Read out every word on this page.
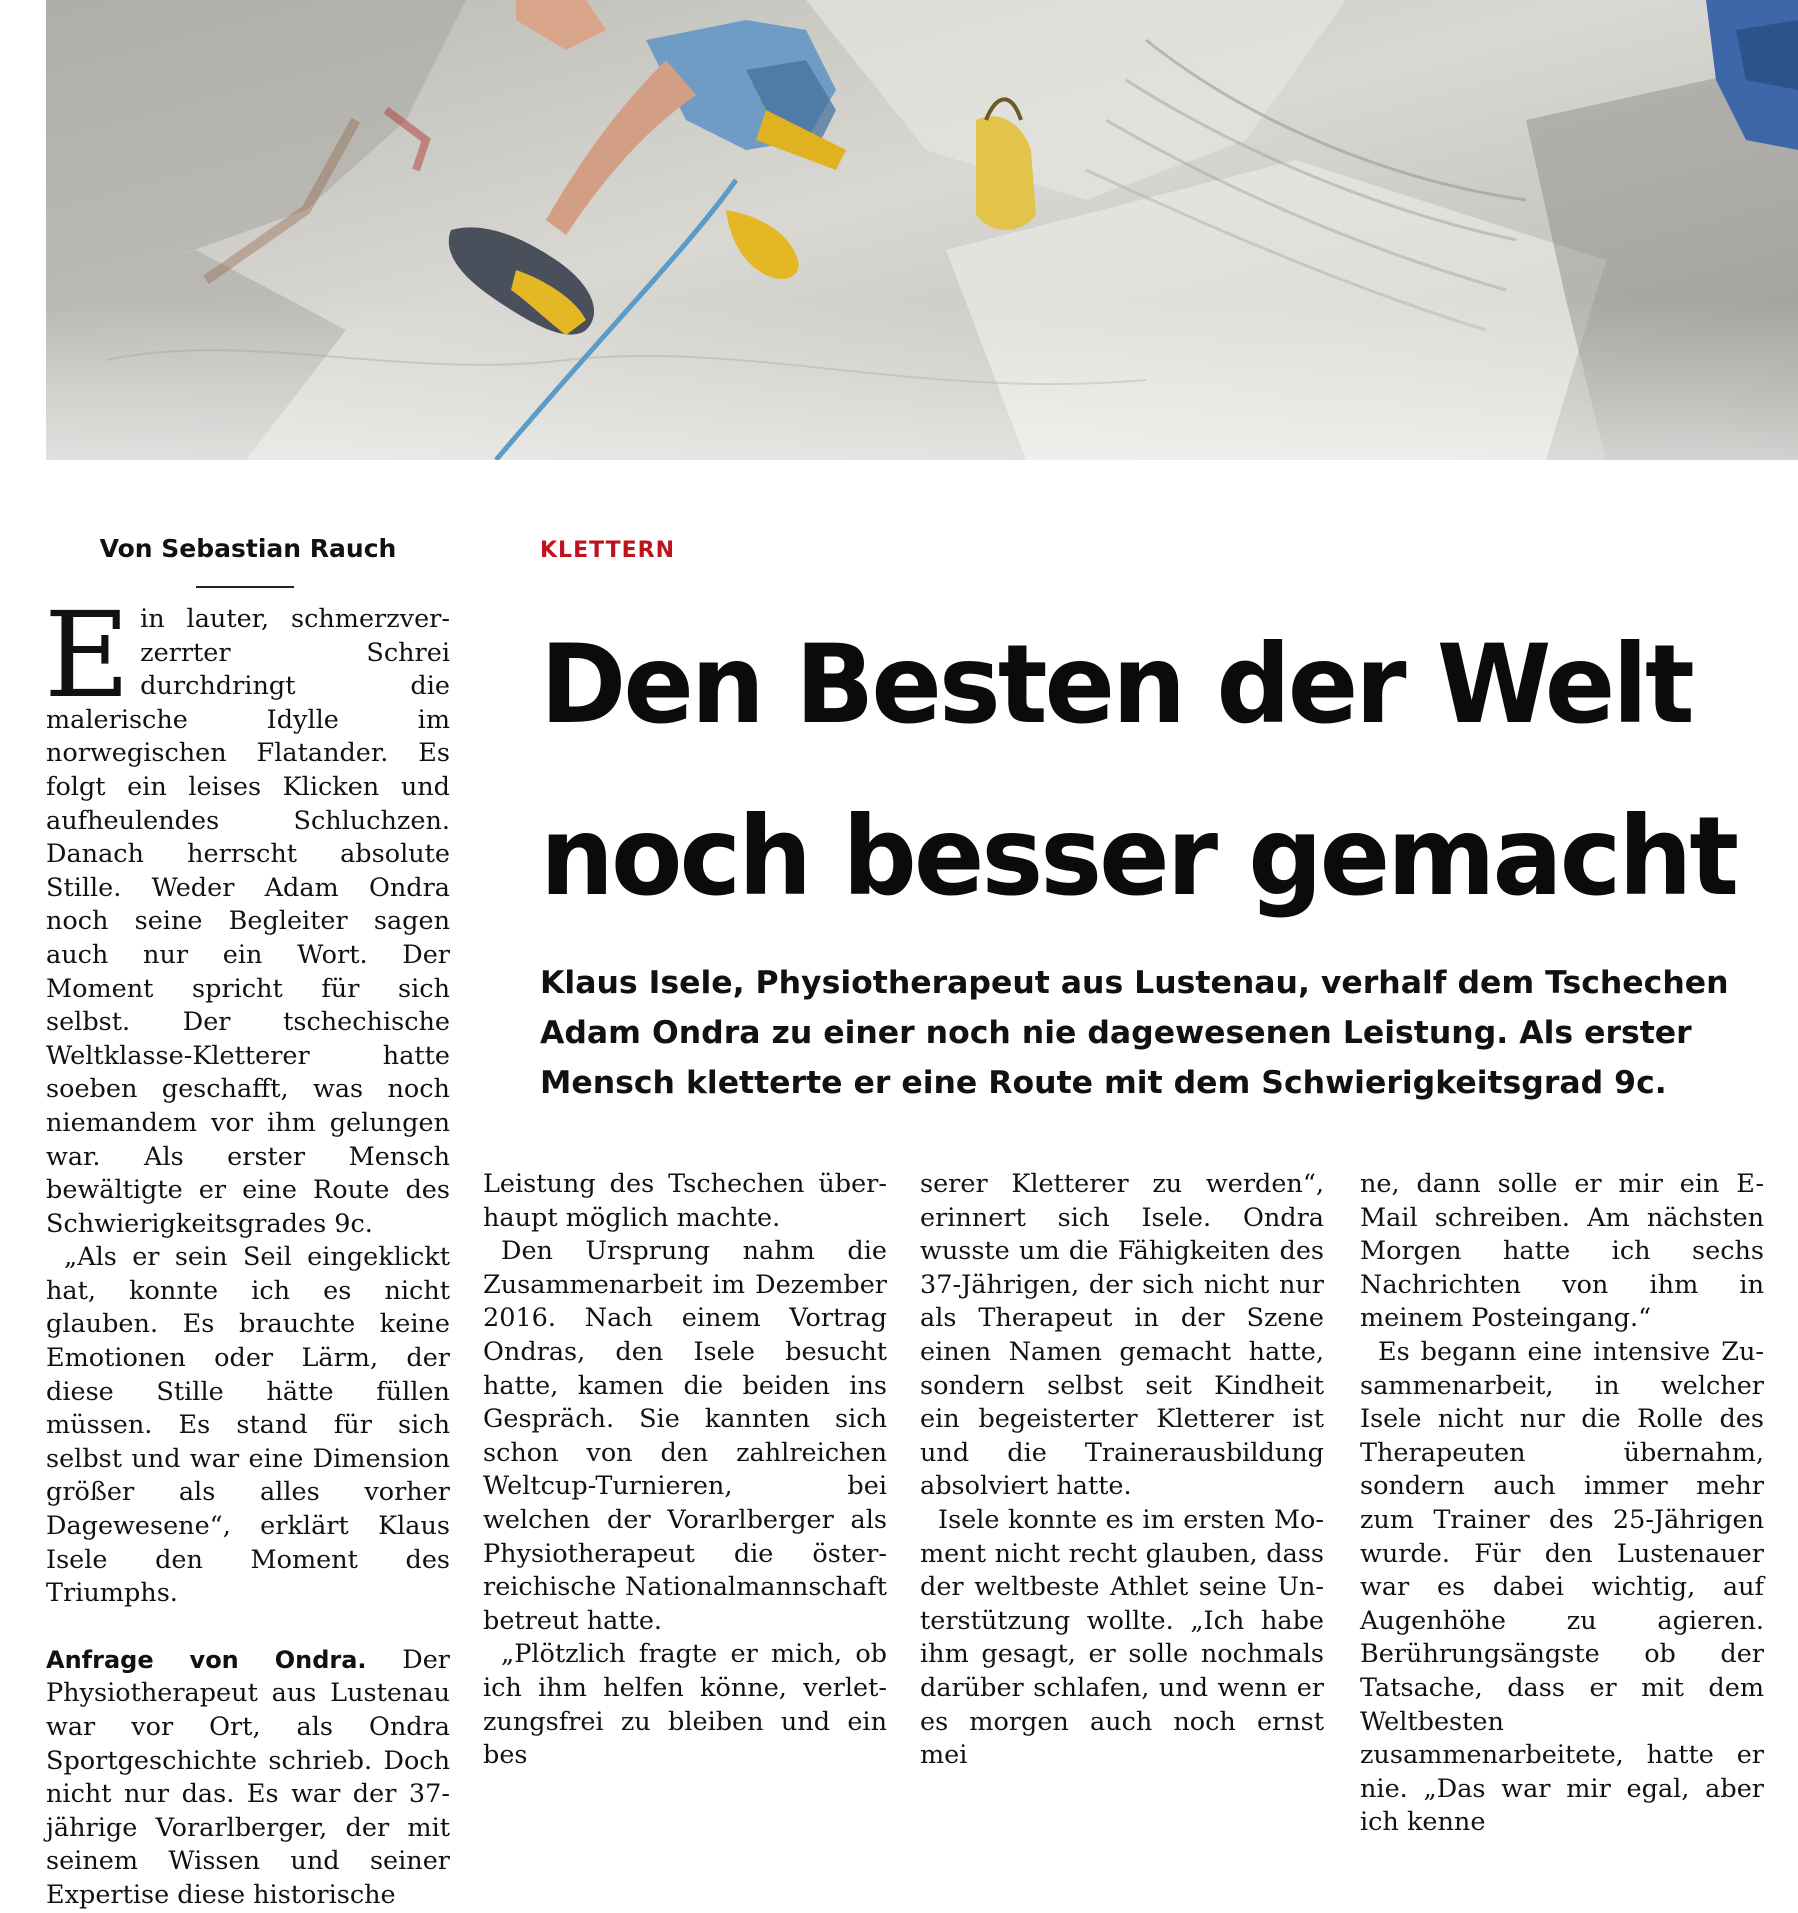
Von Sebastian Rauch	KLETTERN
Den Besten der Welt
noch besser gemacht

Klaus Isele, Physiotherapeut aus Lustenau, verhalf dem Tschechen Adam Ondra zu einer noch nie dagewesenen Leistung. Als erster Mensch kletterte er eine Route mit dem Schwierigkeitsgrad 9c.

Ein lauter, schmerzverzerrter Schrei durchdringt die malerische Idylle im norwegischen Flatander. Es folgt ein leises Klicken und aufheulendes Schluchzen. Danach herrscht absolute Stille. Weder Adam Ondra noch seine Begleiter sagen auch nur ein Wort. Der Moment spricht für sich selbst. Der tschechische Weltklasse-Kletterer hatte soeben geschafft, was noch niemandem vor ihm gelungen war. Als erster Mensch bewältigte er eine Route des Schwierigkeitsgrades 9c.

„Als er sein Seil eingeklickt hat, konnte ich es nicht glauben. Es brauchte keine Emotionen oder Lärm, der diese Stille hätte füllen müssen. Es stand für sich selbst und war eine Dimension größer als alles vorher Dagewesene“, erklärt Klaus Isele den Moment des Triumphs.

Anfrage von Ondra. Der Physiotherapeut aus Lustenau war vor Ort, als Ondra Sportgeschichte schrieb. Doch nicht nur das. Es war der 37-jährige Vorarlberger, der mit seinem Wissen und seiner Expertise diese historische

Leistung des Tschechen überhaupt möglich machte.

Den Ursprung nahm die Zusammenarbeit im Dezember 2016. Nach einem Vortrag Ondras, den Isele besucht hatte, kamen die beiden ins Gespräch. Sie kannten sich schon von den zahlreichen Weltcup-Turnieren, bei welchen der Vorarlberger als Physiotherapeut die österreichische Nationalmannschaft betreut hatte.

„Plötzlich fragte er mich, ob ich ihm helfen könne, verletzungsfrei zu bleiben und ein bes

serer Kletterer zu werden“, erinnert sich Isele. Ondra wusste um die Fähigkeiten des 37-Jährigen, der sich nicht nur als Therapeut in der Szene einen Namen gemacht hatte, sondern selbst seit Kindheit ein begeisterter Kletterer ist und die Trainerausbildung absolviert hatte.

Isele konnte es im ersten Moment nicht recht glauben, dass der weltbeste Athlet seine Unterstützung wollte. „Ich habe ihm gesagt, er solle nochmals darüber schlafen, und wenn er es morgen auch noch ernst mei

ne, dann solle er mir ein E-Mail schreiben. Am nächsten Morgen hatte ich sechs Nachrichten von ihm in meinem Posteingang.“

Es begann eine intensive Zusammenarbeit, in welcher Isele nicht nur die Rolle des Therapeuten übernahm, sondern auch immer mehr zum Trainer des 25-Jährigen wurde. Für den Lustenauer war es dabei wichtig, auf Augenhöhe zu agieren. Berührungsängste ob der Tatsache, dass er mit dem Weltbesten zusammenarbeitete, hatte er nie. „Das war mir egal, aber ich kenne
